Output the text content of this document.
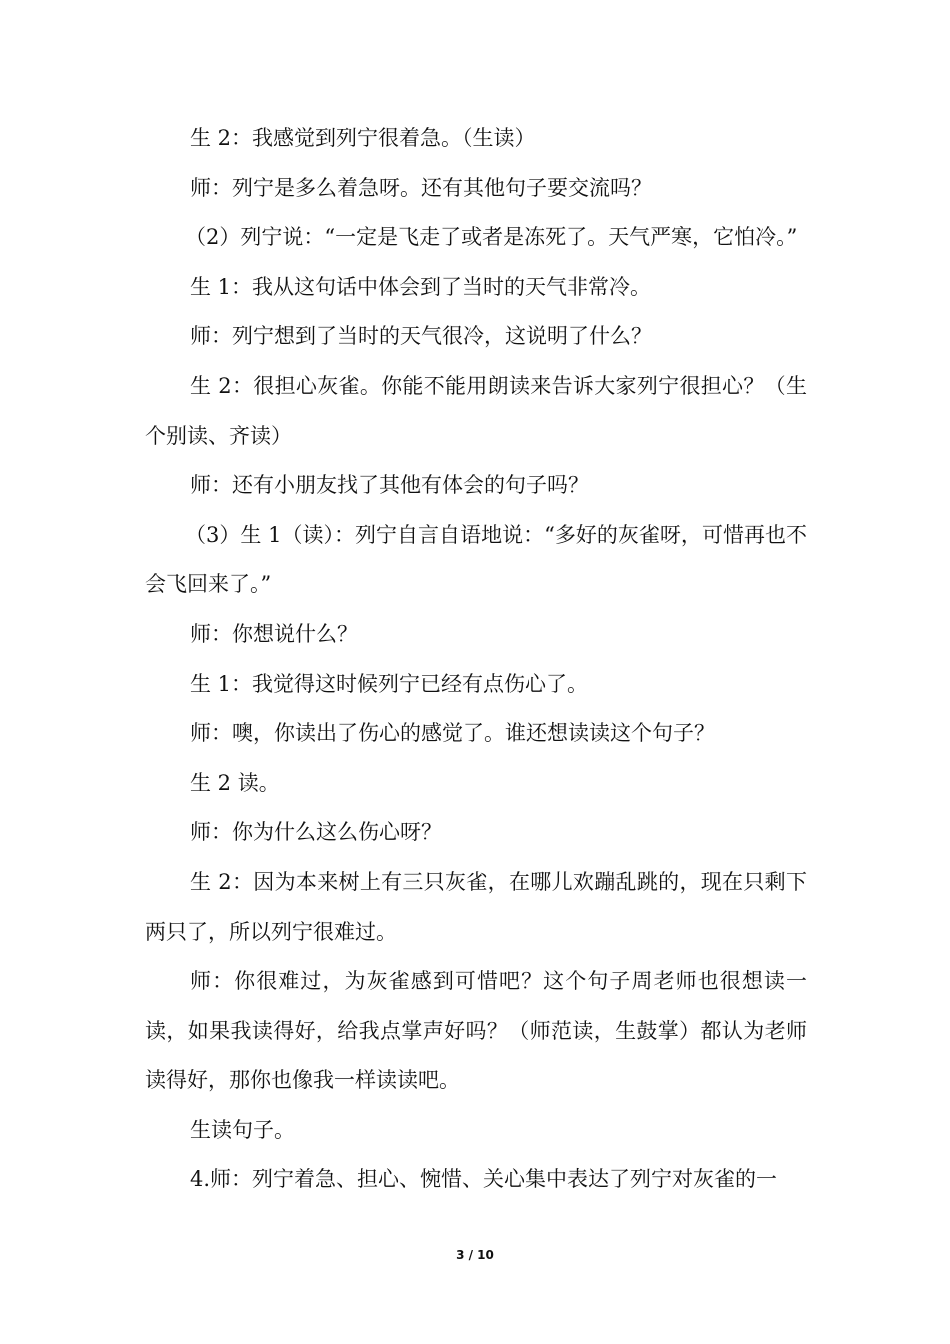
生 2：我感觉到列宁很着急。（生读）

师：列宁是多么着急呀。还有其他句子要交流吗？

（2）列宁说：“一定是飞走了或者是冻死了。天气严寒，它怕冷。”

生 1：我从这句话中体会到了当时的天气非常冷。

师：列宁想到了当时的天气很冷，这说明了什么？

生 2：很担心灰雀。你能不能用朗读来告诉大家列宁很担心？（生个别读、齐读）

师：还有小朋友找了其他有体会的句子吗？

（3）生 1（读）：列宁自言自语地说：“多好的灰雀呀，可惜再也不会飞回来了。”

师：你想说什么？

生 1：我觉得这时候列宁已经有点伤心了。

师：噢，你读出了伤心的感觉了。谁还想读读这个句子？

生 2 读。

师：你为什么这么伤心呀？

生 2：因为本来树上有三只灰雀，在哪儿欢蹦乱跳的，现在只剩下两只了，所以列宁很难过。

师：你很难过，为灰雀感到可惜吧？这个句子周老师也很想读一读，如果我读得好，给我点掌声好吗？（师范读，生鼓掌）都认为老师读得好，那你也像我一样读读吧。

生读句子。

4.师：列宁着急、担心、惋惜、关心集中表达了列宁对灰雀的一

3 / 10
